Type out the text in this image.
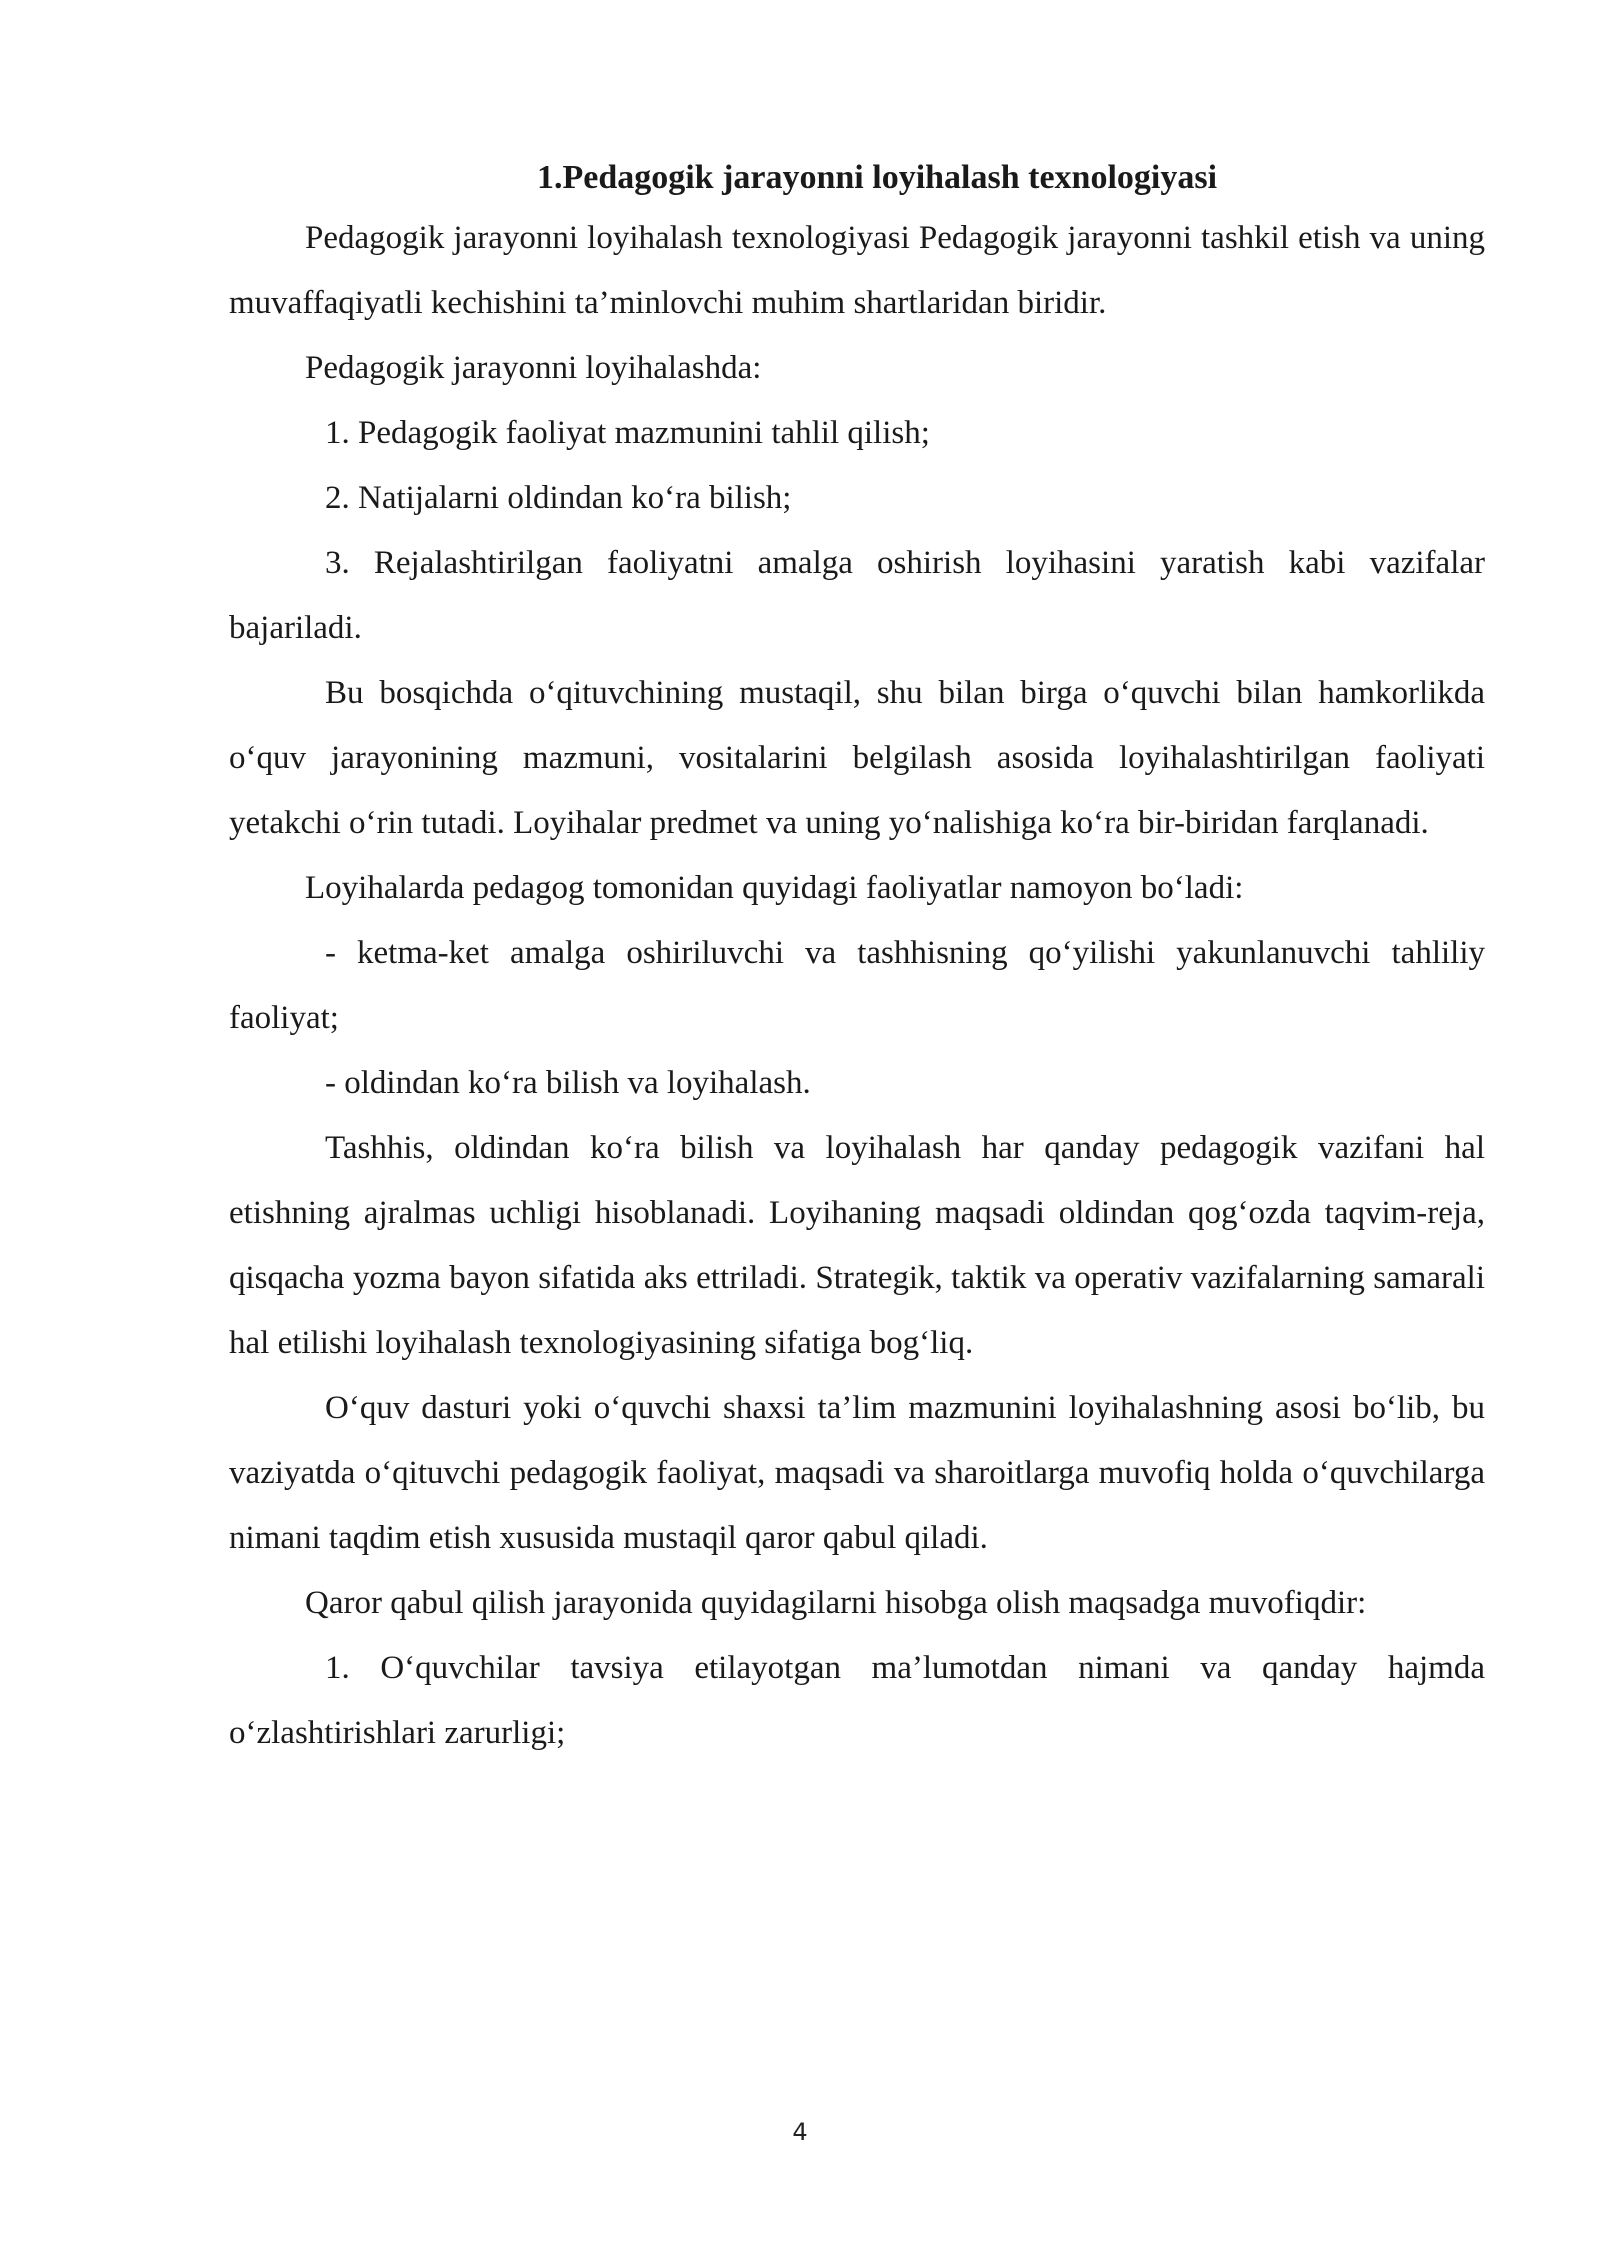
1.Pedagogik jarayonni loyihalash texnologiyasi

Pedagogik jarayonni loyihalash texnologiyasi Pedagogik jarayonni tashkil etish va uning muvaffaqiyatli kechishini ta’minlovchi muhim shartlaridan biridir.

Pedagogik jarayonni loyihalashda:

1. Pedagogik faoliyat mazmunini tahlil qilish;

2. Natijalarni oldindan ko‘ra bilish;

3. Rejalashtirilgan faoliyatni amalga oshirish loyihasini yaratish kabi vazifalar bajariladi.

Bu bosqichda o‘qituvchining mustaqil, shu bilan birga o‘quvchi bilan hamkorlikda o‘quv jarayonining mazmuni, vositalarini belgilash asosida loyihalashtirilgan faoliyati yetakchi o‘rin tutadi. Loyihalar predmet va uning yo‘nalishiga ko‘ra bir-biridan farqlanadi.

Loyihalarda pedagog tomonidan quyidagi faoliyatlar namoyon bo‘ladi:

- ketma-ket amalga oshiriluvchi va tashhisning qo‘yilishi yakunlanuvchi tahliliy faoliyat;

- oldindan ko‘ra bilish va loyihalash.

Tashhis, oldindan ko‘ra bilish va loyihalash har qanday pedagogik vazifani hal etishning ajralmas uchligi hisoblanadi. Loyihaning maqsadi oldindan qog‘ozda taqvim-reja, qisqacha yozma bayon sifatida aks ettriladi. Strategik, taktik va operativ vazifalarning samarali hal etilishi loyihalash texnologiyasining sifatiga bog‘liq.

O‘quv dasturi yoki o‘quvchi shaxsi ta’lim mazmunini loyihalashning asosi bo‘lib, bu vaziyatda o‘qituvchi pedagogik faoliyat, maqsadi va sharoitlarga muvofiq holda o‘quvchilarga nimani taqdim etish xususida mustaqil qaror qabul qiladi.

Qaror qabul qilish jarayonida quyidagilarni hisobga olish maqsadga muvofiqdir:

1. O‘quvchilar tavsiya etilayotgan ma’lumotdan nimani va qanday hajmda o‘zlashtirishlari zarurligi;

4
